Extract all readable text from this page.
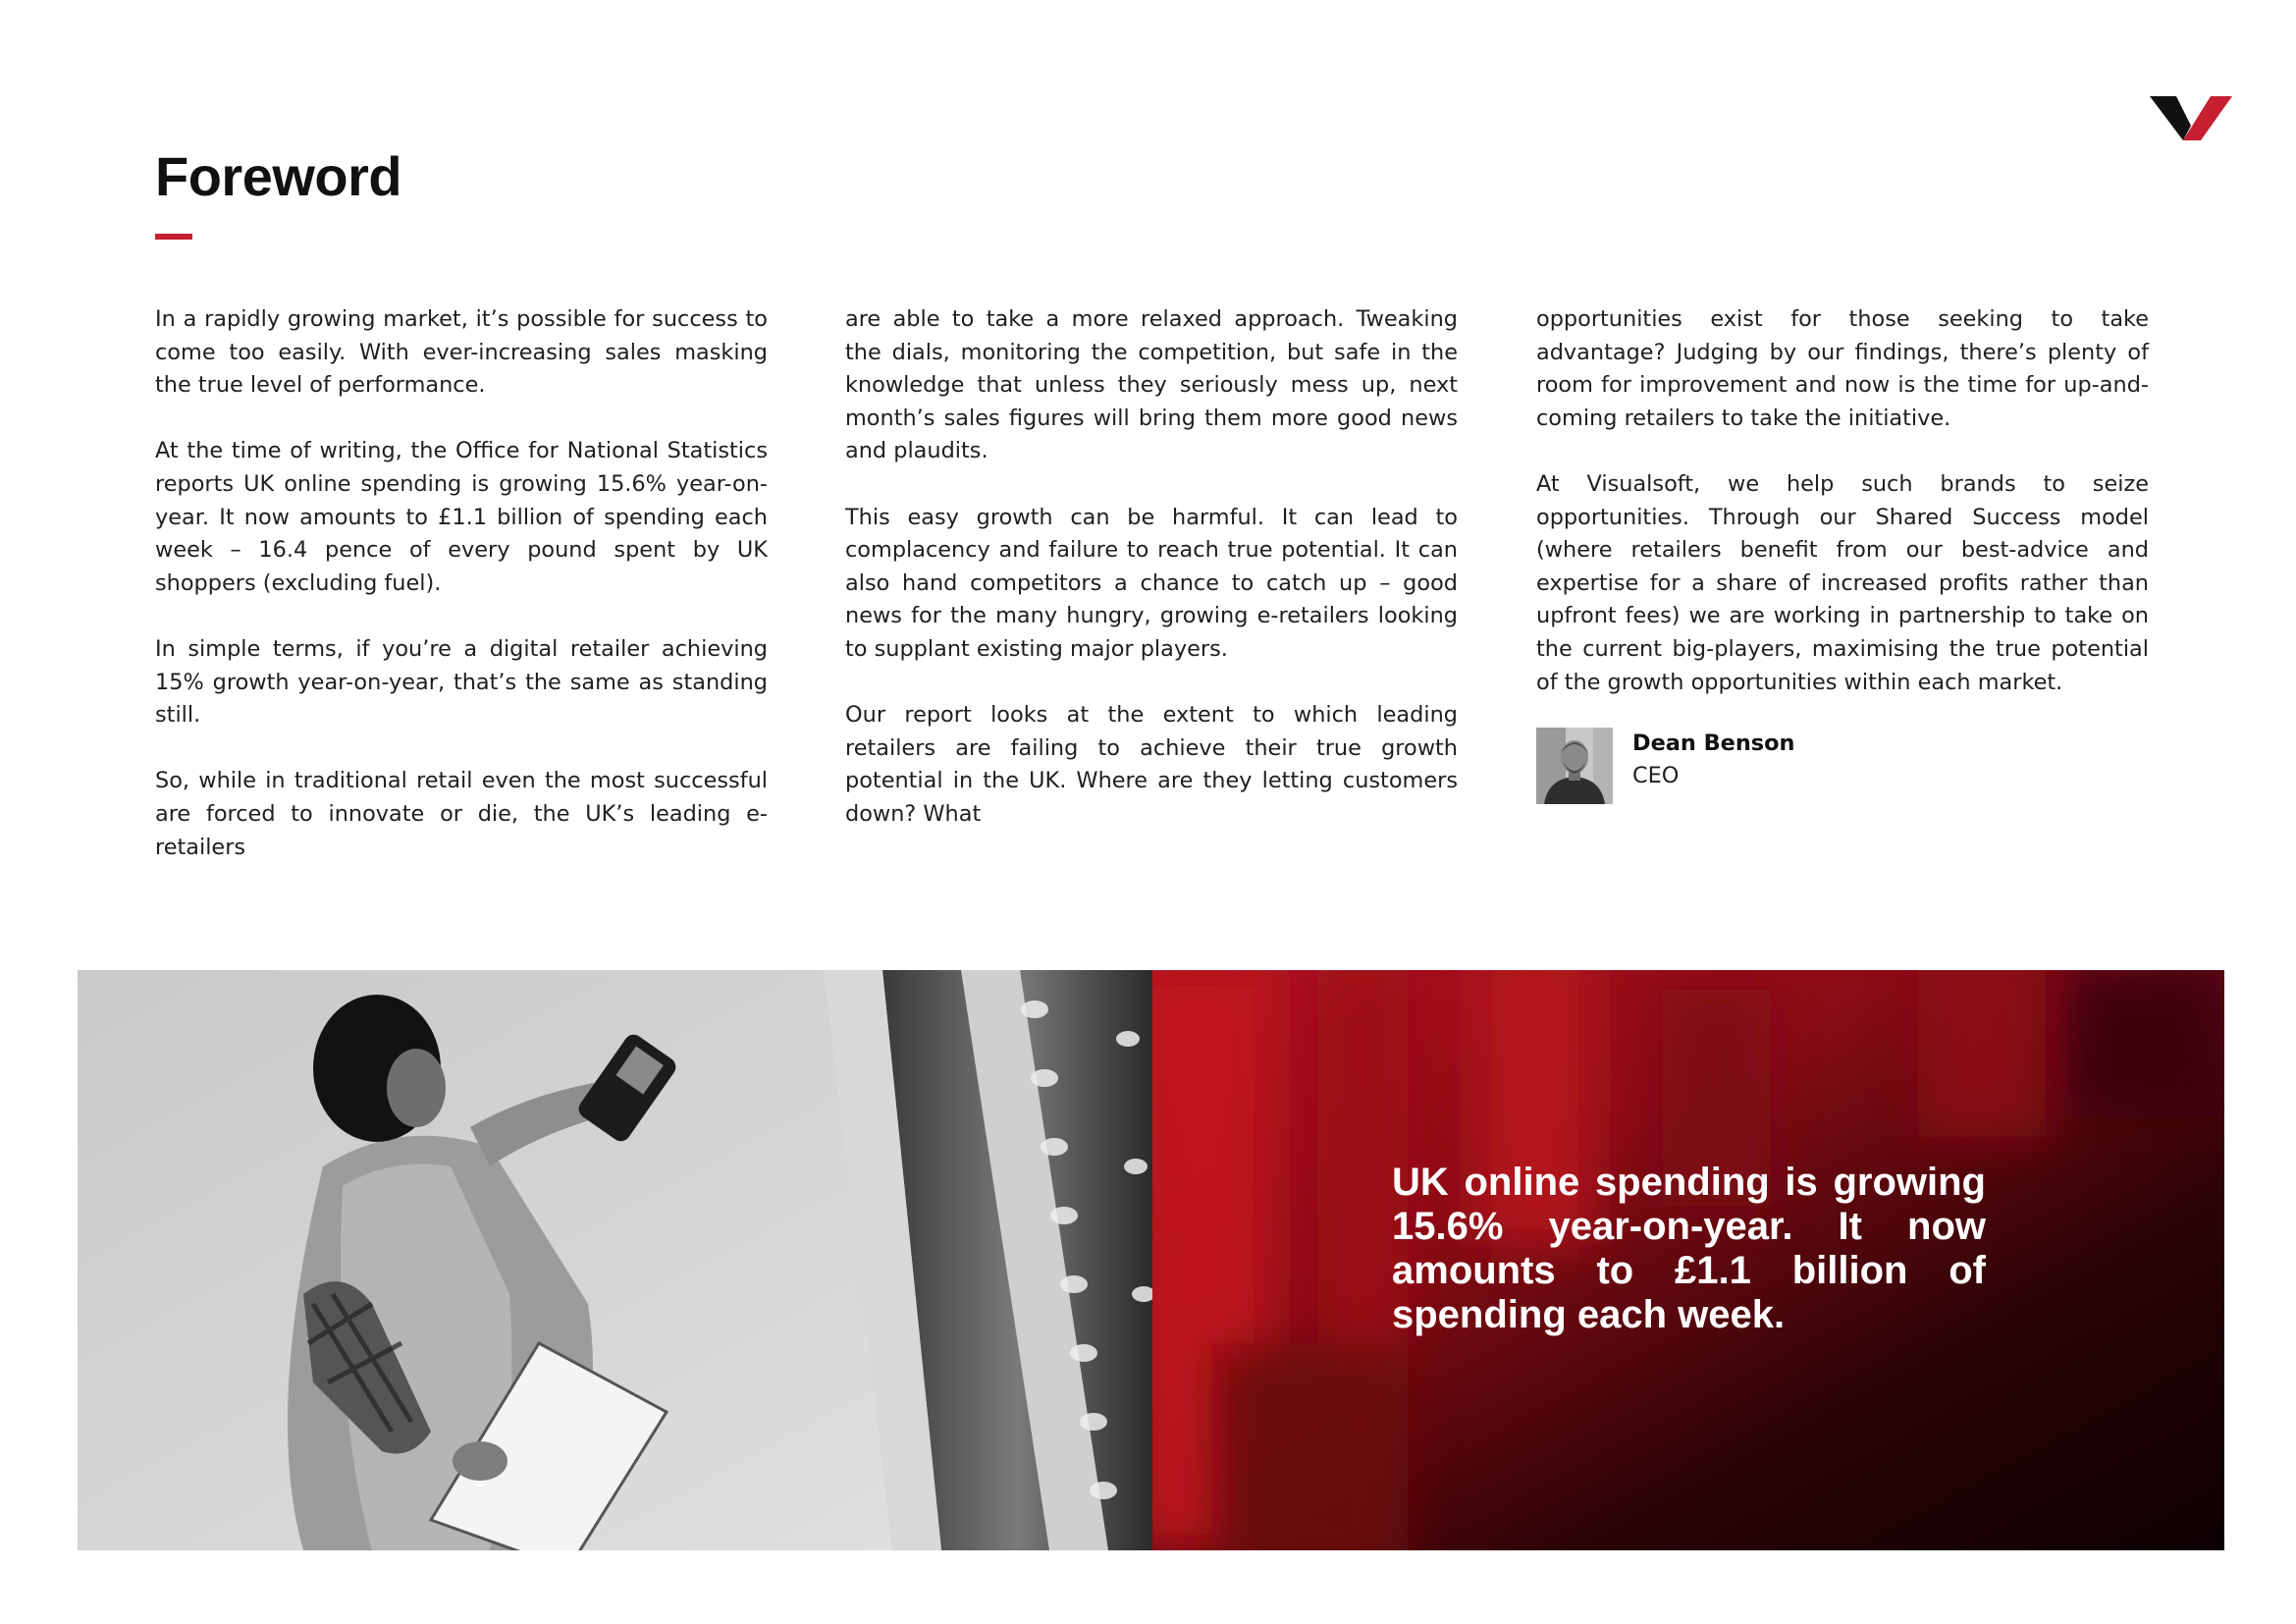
Foreword

In a rapidly growing market, it’s possible for success to come too easily. With ever-increasing sales masking the true level of performance.

At the time of writing, the Office for National Statistics reports UK online spending is growing 15.6% year-on-year. It now amounts to £1.1 billion of spending each week – 16.4 pence of every pound spent by UK shoppers (excluding fuel).

In simple terms, if you’re a digital retailer achieving 15% growth year-on-year, that’s the same as standing still.

So, while in traditional retail even the most successful are forced to innovate or die, the UK’s leading e-retailers

are able to take a more relaxed approach. Tweaking the dials, monitoring the competition, but safe in the knowledge that unless they seriously mess up, next month’s sales figures will bring them more good news and plaudits.

This easy growth can be harmful. It can lead to complacency and failure to reach true potential. It can also hand competitors a chance to catch up – good news for the many hungry, growing e-retailers looking to supplant existing major players.

Our report looks at the extent to which leading retailers are failing to achieve their true growth potential in the UK. Where are they letting customers down? What

opportunities exist for those seeking to take advantage? Judging by our findings, there’s plenty of room for improvement and now is the time for up-and-coming retailers to take the initiative.

At Visualsoft, we help such brands to seize opportunities. Through our Shared Success model (where retailers benefit from our best-advice and expertise for a share of increased profits rather than upfront fees) we are working in partnership to take on the current big-players, maximising the true potential of the growth opportunities within each market.

Dean Benson
CEO

UK online spending is growing 15.6% year-on-year. It now amounts to £1.1 billion of spending each week.
